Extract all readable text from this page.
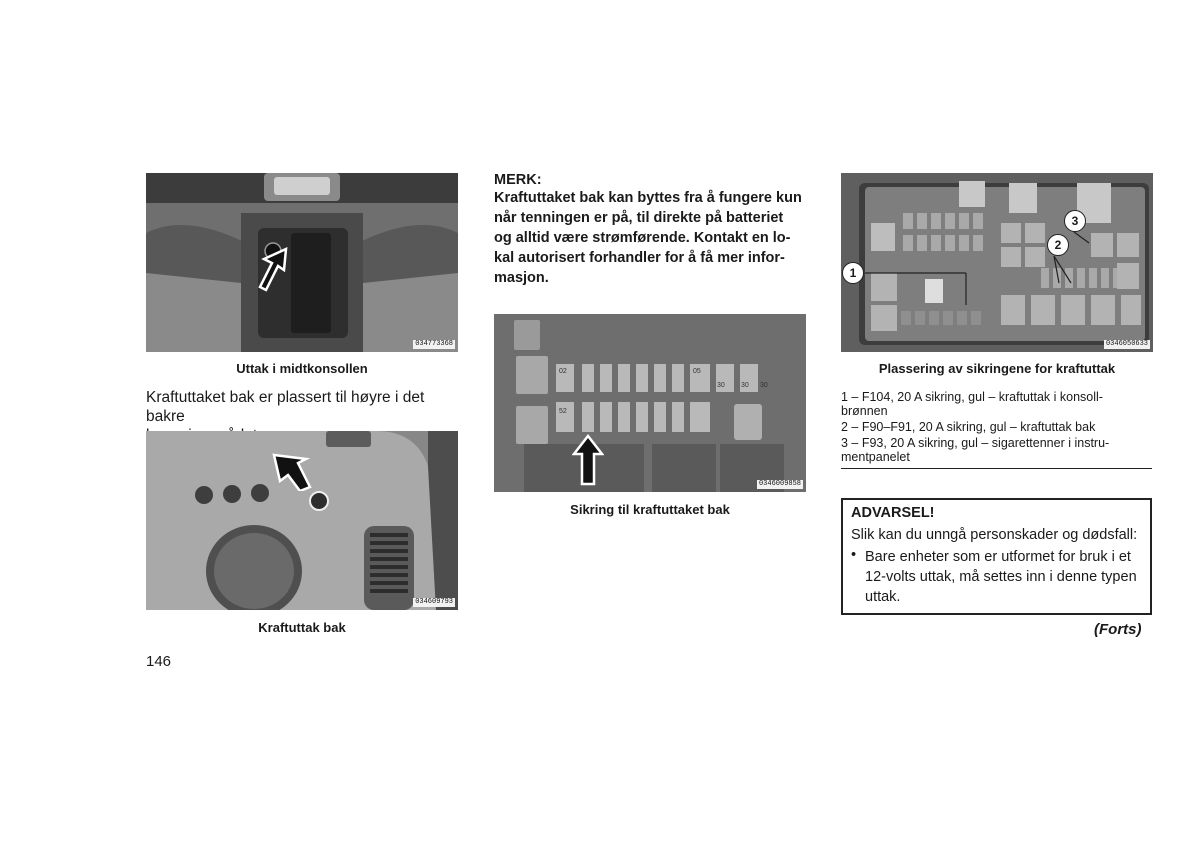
034773368
Uttak i midtkonsollen
Kraftuttaket bak er plassert til høyre i det bakre
034609793
Kraftuttak bak
146
MERK:
Kraftuttaket bak kan byttes fra å fungere kun
når tenningen er på, til direkte på batteriet
og alltid være strømførende. Kontakt en lo-
kal autorisert forhandler for å få mer infor-
masjon.
02
52
05
30 30 30
0346009858
Sikring til kraftuttaket bak
1
2
3
0346050633
Plassering av sikringene for kraftuttak
1 – F104, 20 A sikring, gul – kraftuttak i konsoll-
brønnen
2 – F90–F91, 20 A sikring, gul – kraftuttak bak
3 – F93, 20 A sikring, gul – sigarettenner i instru-
mentpanelet
ADVARSEL!
Slik kan du unngå personskader og dødsfall:
• Bare enheter som er utformet for bruk i et
12-volts uttak, må settes inn i denne typen
uttak.
(Forts)
